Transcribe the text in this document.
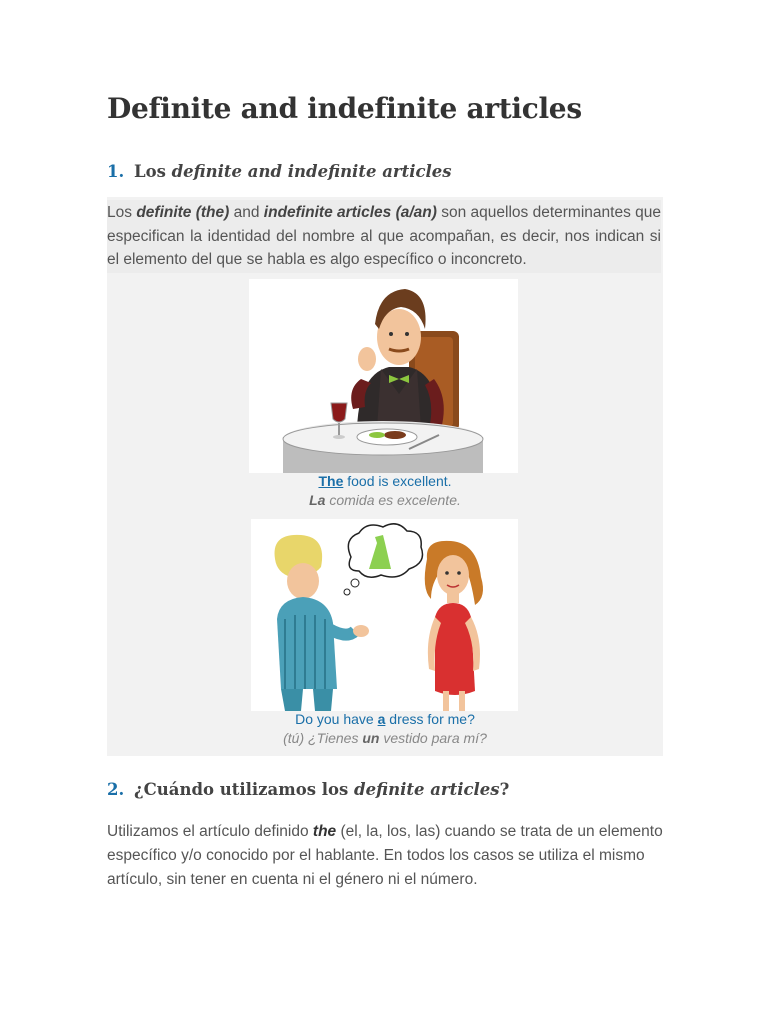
Definite and indefinite articles
1. Los definite and indefinite articles

Los definite (the) and indefinite articles (a/an) son aquellos determinantes que especifican la identidad del nombre al que acompañan, es decir, nos indican si el elemento del que se habla es algo específico o inconcreto.

The food is excellent.
La comida es excelente.
Do you have a dress for me?
(tú) ¿Tienes un vestido para mí?
2. ¿Cuándo utilizamos los definite articles?

Utilizamos el artículo definido the (el, la, los, las) cuando se trata de un elemento específico y/o conocido por el hablante. En todos los casos se utiliza el mismo artículo, sin tener en cuenta ni el género ni el número.
